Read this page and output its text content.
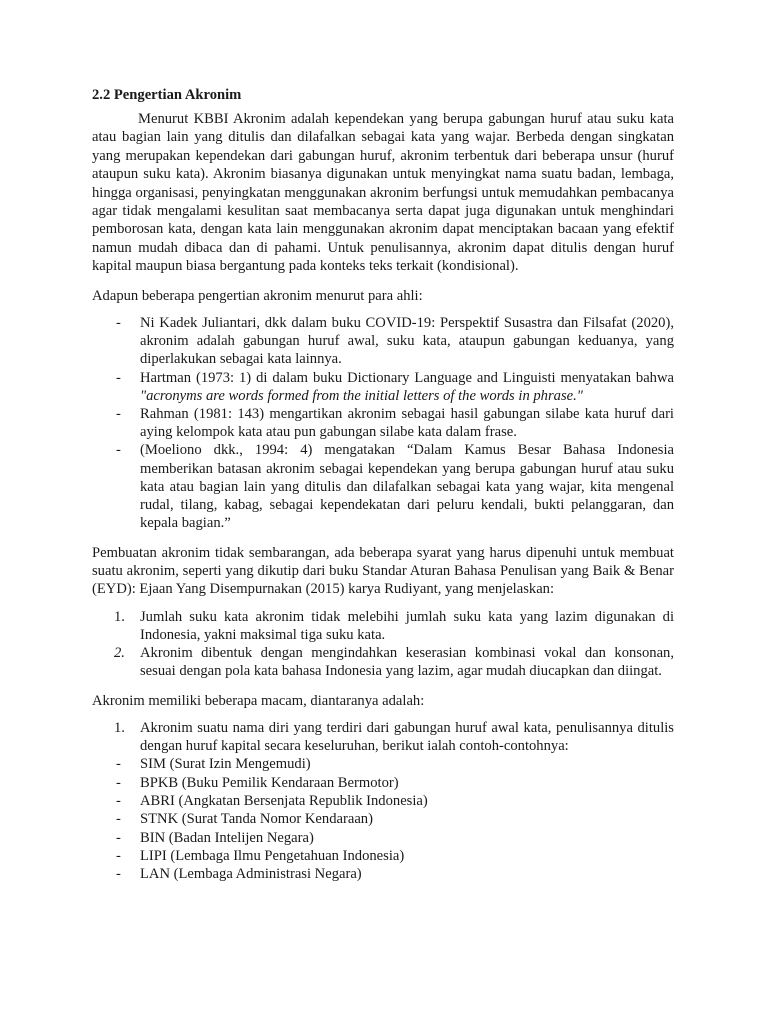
2.2 Pengertian Akronim

Menurut KBBI Akronim adalah kependekan yang berupa gabungan huruf atau suku kata atau bagian lain yang ditulis dan dilafalkan sebagai kata yang wajar. Berbeda dengan singkatan yang merupakan kependekan dari gabungan huruf, akronim terbentuk dari beberapa unsur (huruf ataupun suku kata). Akronim biasanya digunakan untuk menyingkat nama suatu badan, lembaga, hingga organisasi, penyingkatan menggunakan akronim berfungsi untuk memudahkan pembacanya agar tidak mengalami kesulitan saat membacanya serta dapat juga digunakan untuk menghindari pemborosan kata, dengan kata lain menggunakan akronim dapat menciptakan bacaan yang efektif namun mudah dibaca dan di pahami. Untuk penulisannya, akronim dapat ditulis dengan huruf kapital maupun biasa bergantung pada konteks teks terkait (kondisional).

Adapun beberapa pengertian akronim menurut para ahli:

- Ni Kadek Juliantari, dkk dalam buku COVID-19: Perspektif Susastra dan Filsafat (2020), akronim adalah gabungan huruf awal, suku kata, ataupun gabungan keduanya, yang diperlakukan sebagai kata lainnya.
- Hartman (1973: 1) di dalam buku Dictionary Language and Linguisti menyatakan bahwa "acronyms are words formed from the initial letters of the words in phrase."
- Rahman (1981: 143) mengartikan akronim sebagai hasil gabungan silabe kata huruf dari aying kelompok kata atau pun gabungan silabe kata dalam frase.
- (Moeliono dkk., 1994: 4) mengatakan “Dalam Kamus Besar Bahasa Indonesia memberikan batasan akronim sebagai kependekan yang berupa gabungan huruf atau suku kata atau bagian lain yang ditulis dan dilafalkan sebagai kata yang wajar, kita mengenal rudal, tilang, kabag, sebagai kependekatan dari peluru kendali, bukti pelanggaran, dan kepala bagian.”

Pembuatan akronim tidak sembarangan, ada beberapa syarat yang harus dipenuhi untuk membuat suatu akronim, seperti yang dikutip dari buku Standar Aturan Bahasa Penulisan yang Baik & Benar (EYD): Ejaan Yang Disempurnakan (2015) karya Rudiyant, yang menjelaskan:

1. Jumlah suku kata akronim tidak melebihi jumlah suku kata yang lazim digunakan di Indonesia, yakni maksimal tiga suku kata.
2. Akronim dibentuk dengan mengindahkan keserasian kombinasi vokal dan konsonan, sesuai dengan pola kata bahasa Indonesia yang lazim, agar mudah diucapkan dan diingat.

Akronim memiliki beberapa macam, diantaranya adalah:

1. Akronim suatu nama diri yang terdiri dari gabungan huruf awal kata, penulisannya ditulis dengan huruf kapital secara keseluruhan, berikut ialah contoh-contohnya:
- SIM (Surat Izin Mengemudi)
- BPKB (Buku Pemilik Kendaraan Bermotor)
- ABRI (Angkatan Bersenjata Republik Indonesia)
- STNK (Surat Tanda Nomor Kendaraan)
- BIN (Badan Intelijen Negara)
- LIPI (Lembaga Ilmu Pengetahuan Indonesia)
- LAN (Lembaga Administrasi Negara)
